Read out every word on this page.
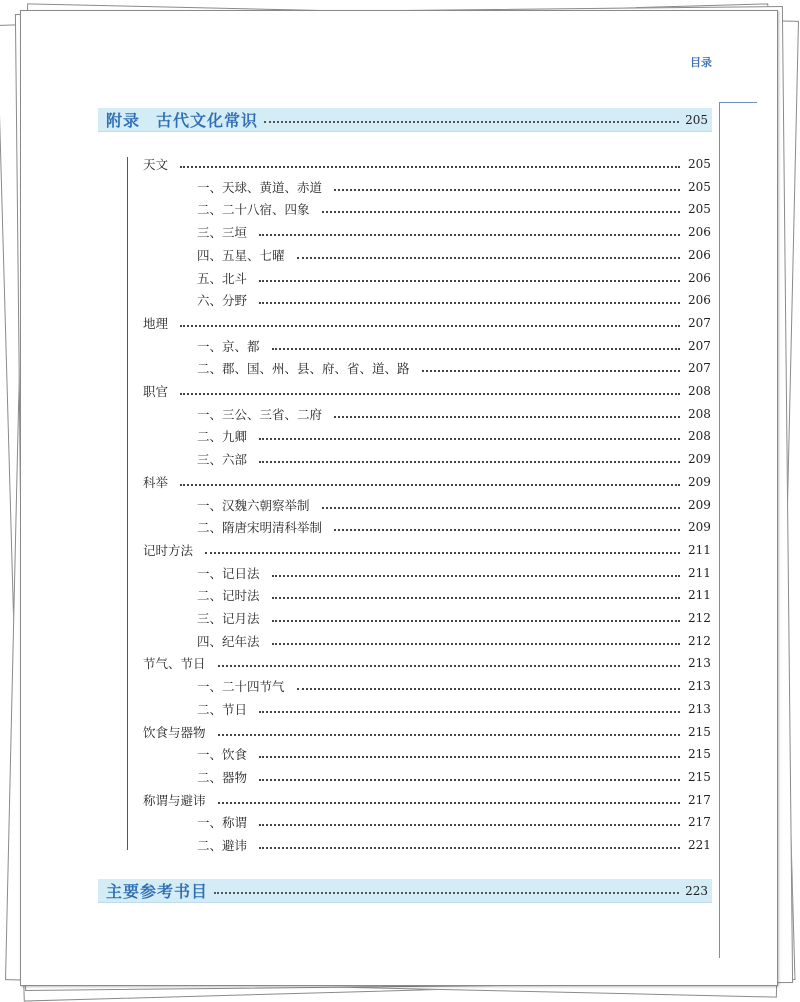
目录
附录 古代文化常识	205
天文	205
一、天球、黄道、赤道	205
二、二十八宿、四象	205
三、三垣	206
四、五星、七曜	206
五、北斗	206
六、分野	206
地理	207
一、京、都	207
二、郡、国、州、县、府、省、道、路	207
职官	208
一、三公、三省、二府	208
二、九卿	208
三、六部	209
科举	209
一、汉魏六朝察举制	209
二、隋唐宋明清科举制	209
记时方法	211
一、记日法	211
二、记时法	211
三、记月法	212
四、纪年法	212
节气、节日	213
一、二十四节气	213
二、节日	213
饮食与器物	215
一、饮食	215
二、器物	215
称谓与避讳	217
一、称谓	217
二、避讳	221
主要参考书目	223
